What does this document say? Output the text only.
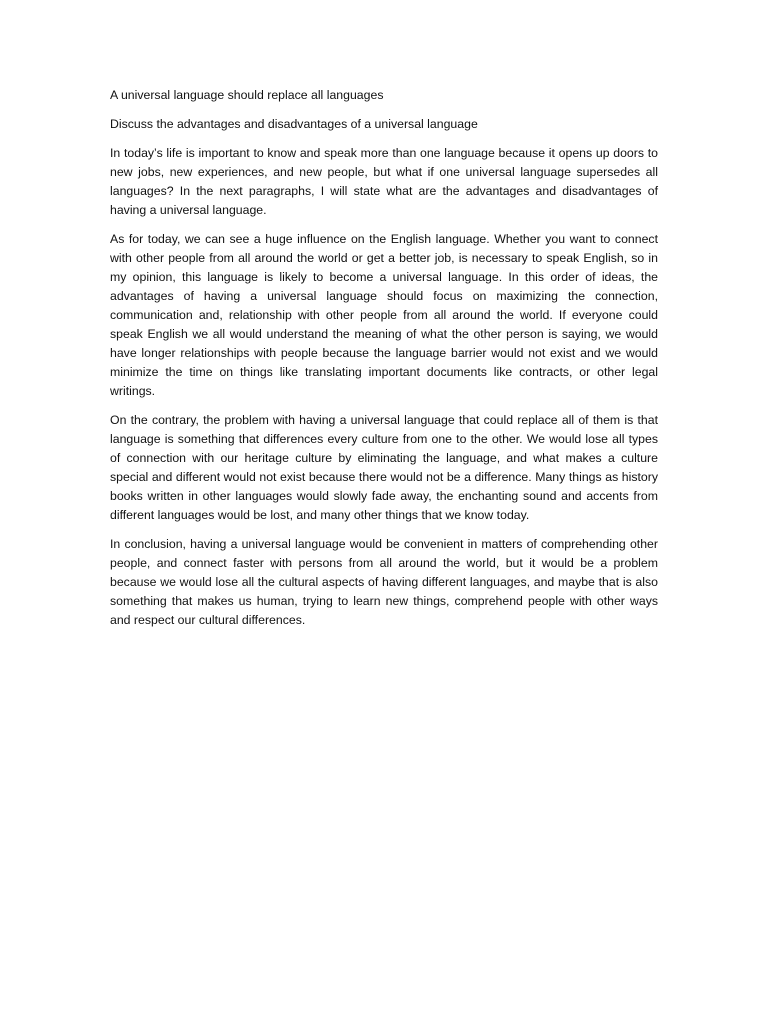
A universal language should replace all languages
Discuss the advantages and disadvantages of a universal language

In today’s life is important to know and speak more than one language because it opens up doors to new jobs, new experiences, and new people, but what if one universal language supersedes all languages? In the next paragraphs, I will state what are the advantages and disadvantages of having a universal language.

As for today, we can see a huge influence on the English language. Whether you want to connect with other people from all around the world or get a better job, is necessary to speak English, so in my opinion, this language is likely to become a universal language. In this order of ideas, the advantages of having a universal language should focus on maximizing the connection, communication and, relationship with other people from all around the world. If everyone could speak English we all would understand the meaning of what the other person is saying, we would have longer relationships with people because the language barrier would not exist and we would minimize the time on things like translating important documents like contracts, or other legal writings.

On the contrary, the problem with having a universal language that could replace all of them is that language is something that differences every culture from one to the other. We would lose all types of connection with our heritage culture by eliminating the language, and what makes a culture special and different would not exist because there would not be a difference. Many things as history books written in other languages would slowly fade away, the enchanting sound and accents from different languages would be lost, and many other things that we know today.

In conclusion, having a universal language would be convenient in matters of comprehending other people, and connect faster with persons from all around the world, but it would be a problem because we would lose all the cultural aspects of having different languages, and maybe that is also something that makes us human, trying to learn new things, comprehend people with other ways and respect our cultural differences.
